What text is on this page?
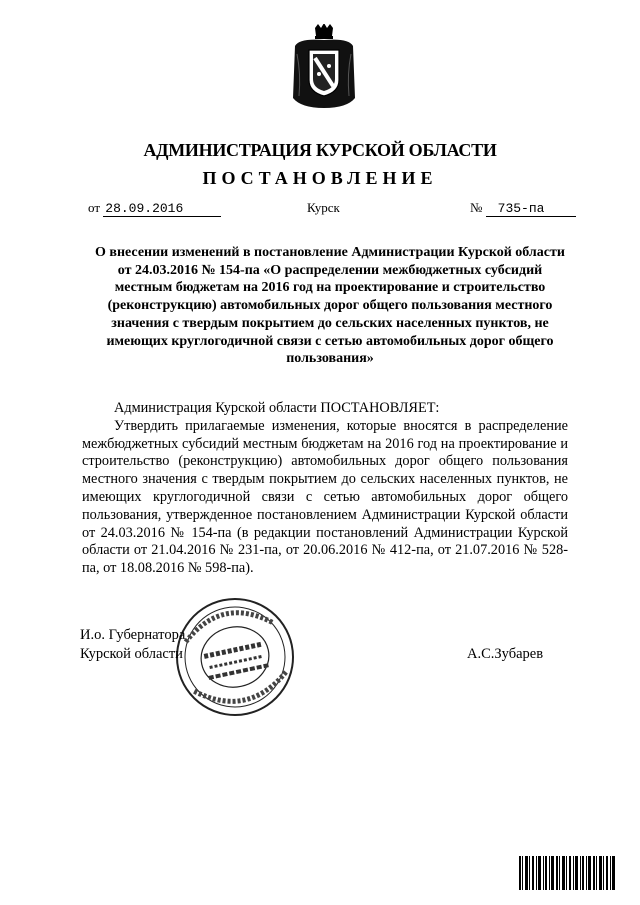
АДМИНИСТРАЦИЯ КУРСКОЙ ОБЛАСТИ
ПОСТАНОВЛЕНИЕ
от 28.09.2016	Курск	№ 735-па
О внесении изменений в постановление Администрации Курской области от 24.03.2016 № 154-па «О распределении межбюджетных субсидий местным бюджетам на 2016 год на проектирование и строительство (реконструкцию) автомобильных дорог общего пользования местного значения с твердым покрытием до сельских населенных пунктов, не имеющих круглогодичной связи с сетью автомобильных дорог общего пользования»

Администрация Курской области ПОСТАНОВЛЯЕТ:

Утвердить прилагаемые изменения, которые вносятся в распределение межбюджетных субсидий местным бюджетам на 2016 год на проектирование и строительство (реконструкцию) автомобильных дорог общего пользования местного значения с твердым покрытием до сельских населенных пунктов, не имеющих круглогодичной связи с сетью автомобильных дорог общего пользования, утвержденное постановлением Администрации Курской области от 24.03.2016 № 154-па (в редакции постановлений Администрации Курской области от 21.04.2016 № 231-па, от 20.06.2016 № 412-па, от 21.07.2016 № 528-па, от 18.08.2016 № 598-па).

И.о. Губернатора
Курской области	А.С.Зубарев
